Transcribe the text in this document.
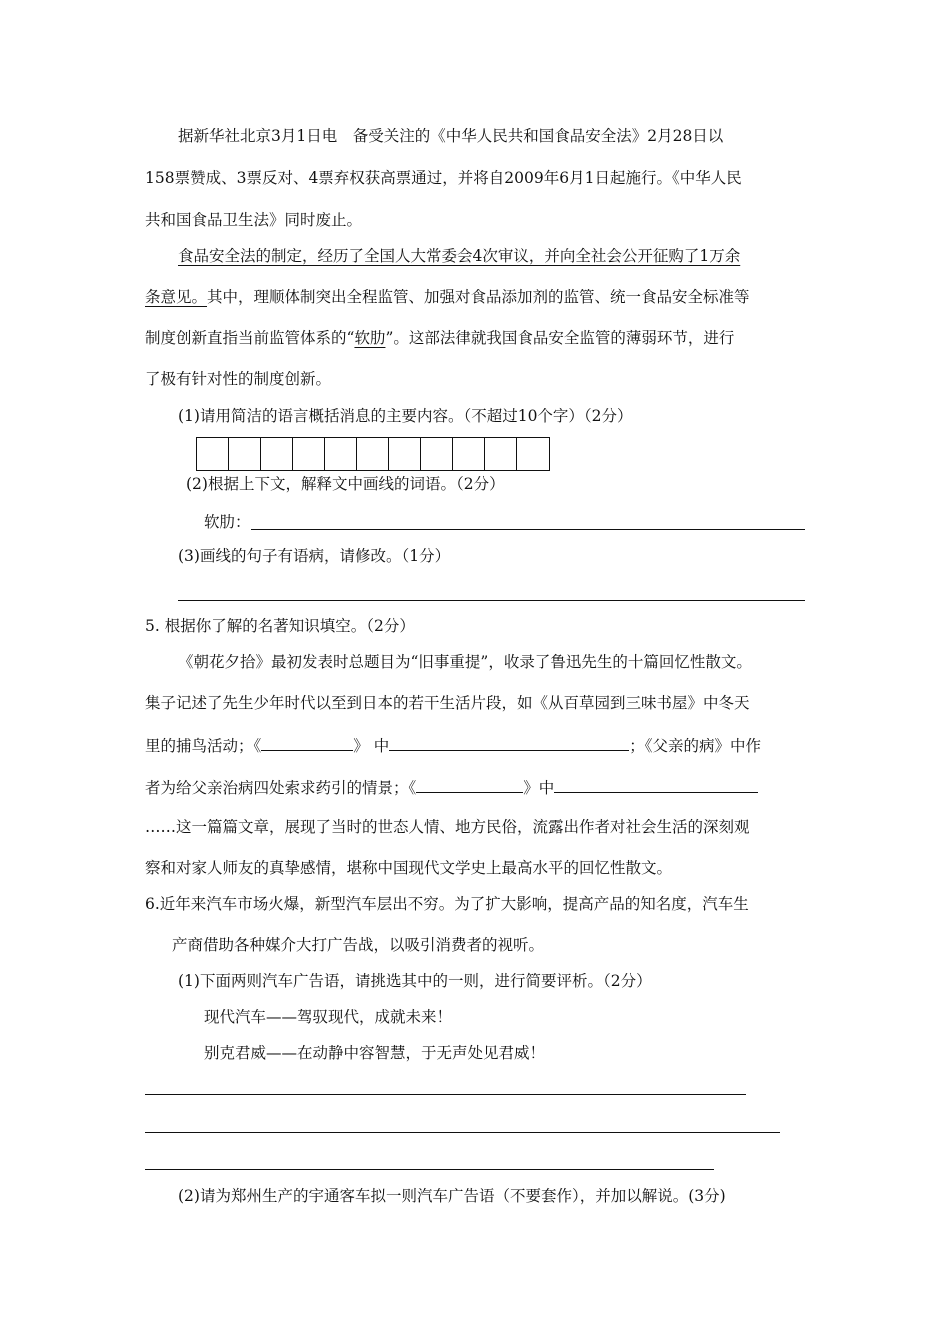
据新华社北京3月1日电　备受关注的《中华人民共和国食品安全法》2月28日以
158票赞成、3票反对、4票弃权获高票通过，并将自2009年6月1日起施行。《中华人民
共和国食品卫生法》同时废止。
食品安全法的制定，经历了全国人大常委会4次审议，并向全社会公开征购了1万余
条意见。其中，理顺体制突出全程监管、加强对食品添加剂的监管、统一食品安全标准等
制度创新直指当前监管体系的“软肋”。这部法律就我国食品安全监管的薄弱环节，进行
了极有针对性的制度创新。
(1)请用简洁的语言概括消息的主要内容。（不超过10个字）（2分）
(2)根据上下文，解释文中画线的词语。（2分）
软肋：
(3)画线的句子有语病，请修改。（1分）
5. 根据你了解的名著知识填空。（2分）
《朝花夕拾》最初发表时总题目为“旧事重提”，收录了鲁迅先生的十篇回忆性散文。
集子记述了先生少年时代以至到日本的若干生活片段，如《从百草园到三味书屋》中冬天
里的捕鸟活动；《	》 中	；《父亲的病》中作
者为给父亲治病四处索求药引的情景；《	》中
……这一篇篇文章，展现了当时的世态人情、地方民俗，流露出作者对社会生活的深刻观
察和对家人师友的真挚感情，堪称中国现代文学史上最高水平的回忆性散文。
6.近年来汽车市场火爆，新型汽车层出不穷。为了扩大影响，提高产品的知名度，汽车生
产商借助各种媒介大打广告战，以吸引消费者的视听。
(1)下面两则汽车广告语，请挑选其中的一则，进行简要评析。（2分）
现代汽车——驾驭现代，成就未来！
别克君威——在动静中容智慧，于无声处见君威！
(2)请为郑州生产的宇通客车拟一则汽车广告语（不要套作），并加以解说。(3分)
